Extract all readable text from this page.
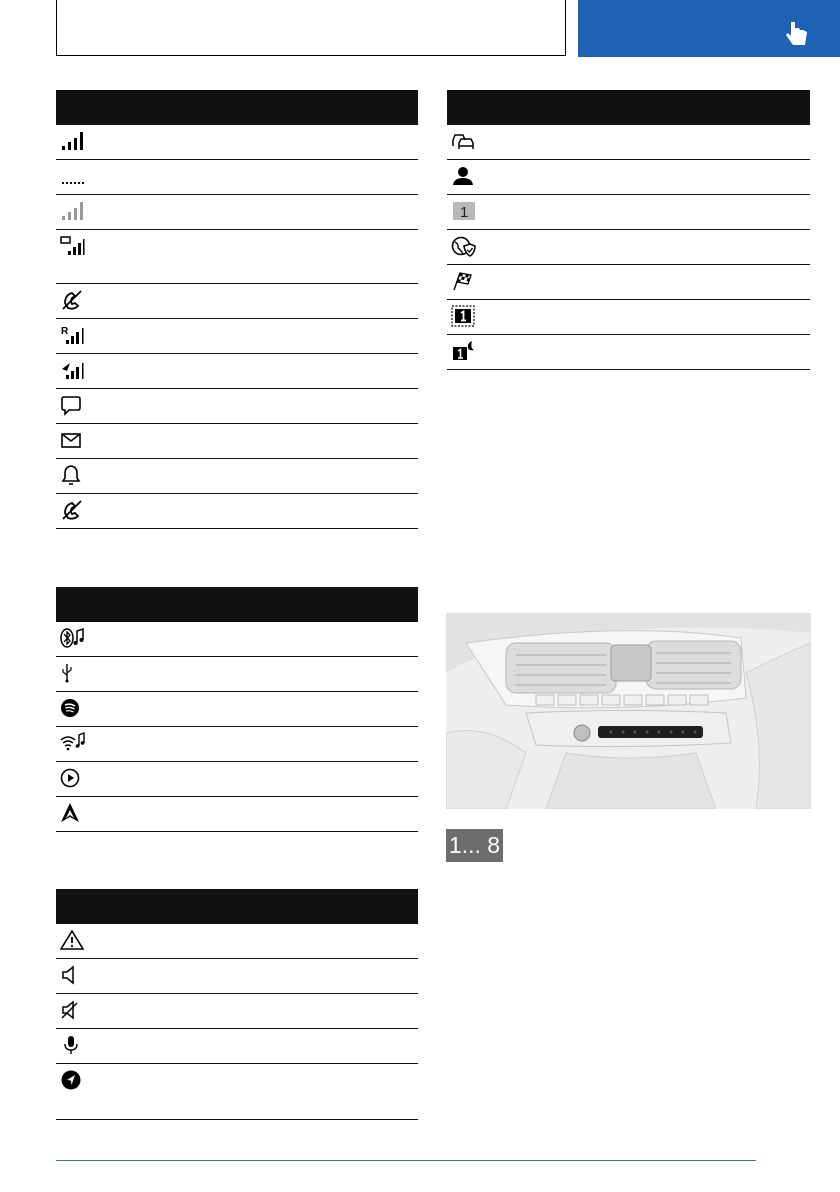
R
1
1... 8
